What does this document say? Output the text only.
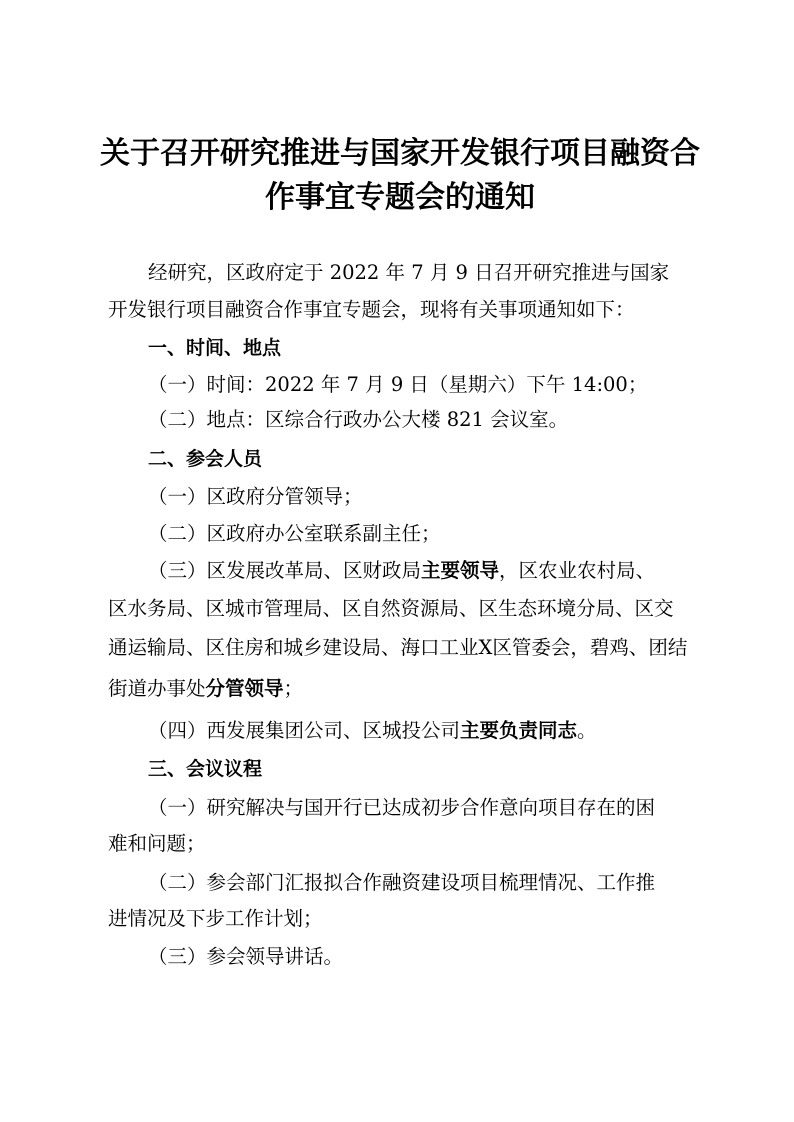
关于召开研究推进与国家开发银行项目融资合
作事宜专题会的通知
经研究，区政府定于 2022 年 7 月 9 日召开研究推进与国家
开发银行项目融资合作事宜专题会，现将有关事项通知如下：
一、时间、地点
（一）时间：2022 年 7 月 9 日（星期六）下午 14:00；
（二）地点：区综合行政办公大楼 821 会议室。
二、参会人员
（一）区政府分管领导；
（二）区政府办公室联系副主任；
（三）区发展改革局、区财政局主要领导，区农业农村局、
区水务局、区城市管理局、区自然资源局、区生态环境分局、区交
通运输局、区住房和城乡建设局、海口工业X区管委会，碧鸡、团结
街道办事处分管领导；
（四）西发展集团公司、区城投公司主要负责同志。
三、会议议程
（一）研究解决与国开行已达成初步合作意向项目存在的困
难和问题；
（二）参会部门汇报拟合作融资建设项目梳理情况、工作推
进情况及下步工作计划；
（三）参会领导讲话。
